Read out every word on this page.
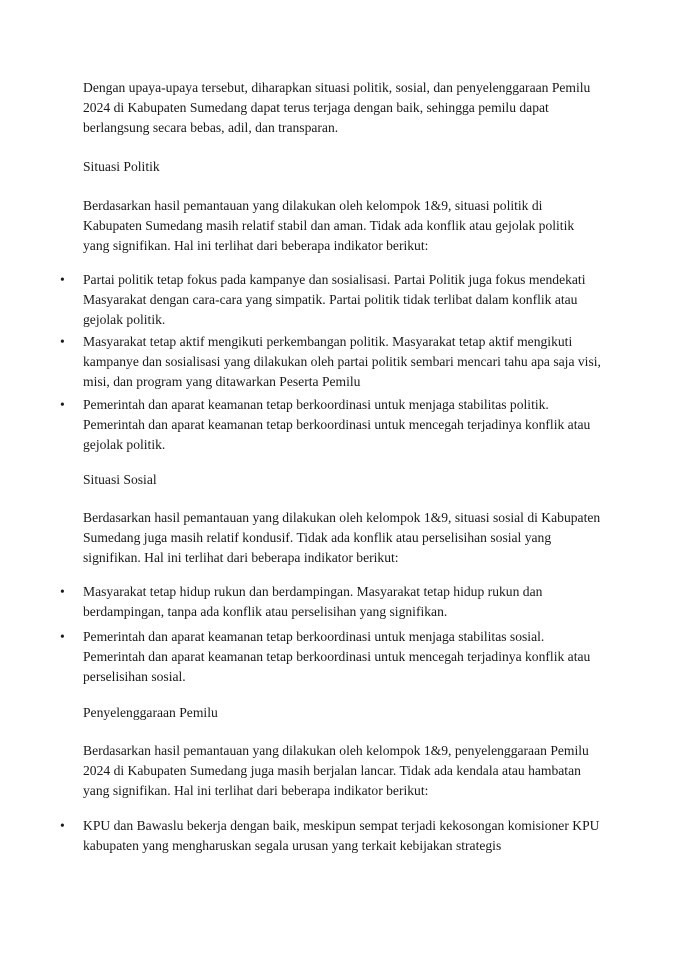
Dengan upaya-upaya tersebut, diharapkan situasi politik, sosial, dan penyelenggaraan Pemilu 2024 di Kabupaten Sumedang dapat terus terjaga dengan baik, sehingga pemilu dapat berlangsung secara bebas, adil, dan transparan.

Situasi Politik

Berdasarkan hasil pemantauan yang dilakukan oleh kelompok 1&9, situasi politik di Kabupaten Sumedang masih relatif stabil dan aman. Tidak ada konflik atau gejolak politik yang signifikan. Hal ini terlihat dari beberapa indikator berikut:

• Partai politik tetap fokus pada kampanye dan sosialisasi. Partai Politik juga fokus mendekati Masyarakat dengan cara-cara yang simpatik. Partai politik tidak terlibat dalam konflik atau gejolak politik.

• Masyarakat tetap aktif mengikuti perkembangan politik. Masyarakat tetap aktif mengikuti kampanye dan sosialisasi yang dilakukan oleh partai politik sembari mencari tahu apa saja visi, misi, dan program yang ditawarkan Peserta Pemilu

• Pemerintah dan aparat keamanan tetap berkoordinasi untuk menjaga stabilitas politik. Pemerintah dan aparat keamanan tetap berkoordinasi untuk mencegah terjadinya konflik atau gejolak politik.

Situasi Sosial

Berdasarkan hasil pemantauan yang dilakukan oleh kelompok 1&9, situasi sosial di Kabupaten Sumedang juga masih relatif kondusif. Tidak ada konflik atau perselisihan sosial yang signifikan. Hal ini terlihat dari beberapa indikator berikut:

• Masyarakat tetap hidup rukun dan berdampingan. Masyarakat tetap hidup rukun dan berdampingan, tanpa ada konflik atau perselisihan yang signifikan.

• Pemerintah dan aparat keamanan tetap berkoordinasi untuk menjaga stabilitas sosial. Pemerintah dan aparat keamanan tetap berkoordinasi untuk mencegah terjadinya konflik atau perselisihan sosial.

Penyelenggaraan Pemilu

Berdasarkan hasil pemantauan yang dilakukan oleh kelompok 1&9, penyelenggaraan Pemilu 2024 di Kabupaten Sumedang juga masih berjalan lancar. Tidak ada kendala atau hambatan yang signifikan. Hal ini terlihat dari beberapa indikator berikut:

• KPU dan Bawaslu bekerja dengan baik, meskipun sempat terjadi kekosongan komisioner KPU kabupaten yang mengharuskan segala urusan yang terkait kebijakan strategis
